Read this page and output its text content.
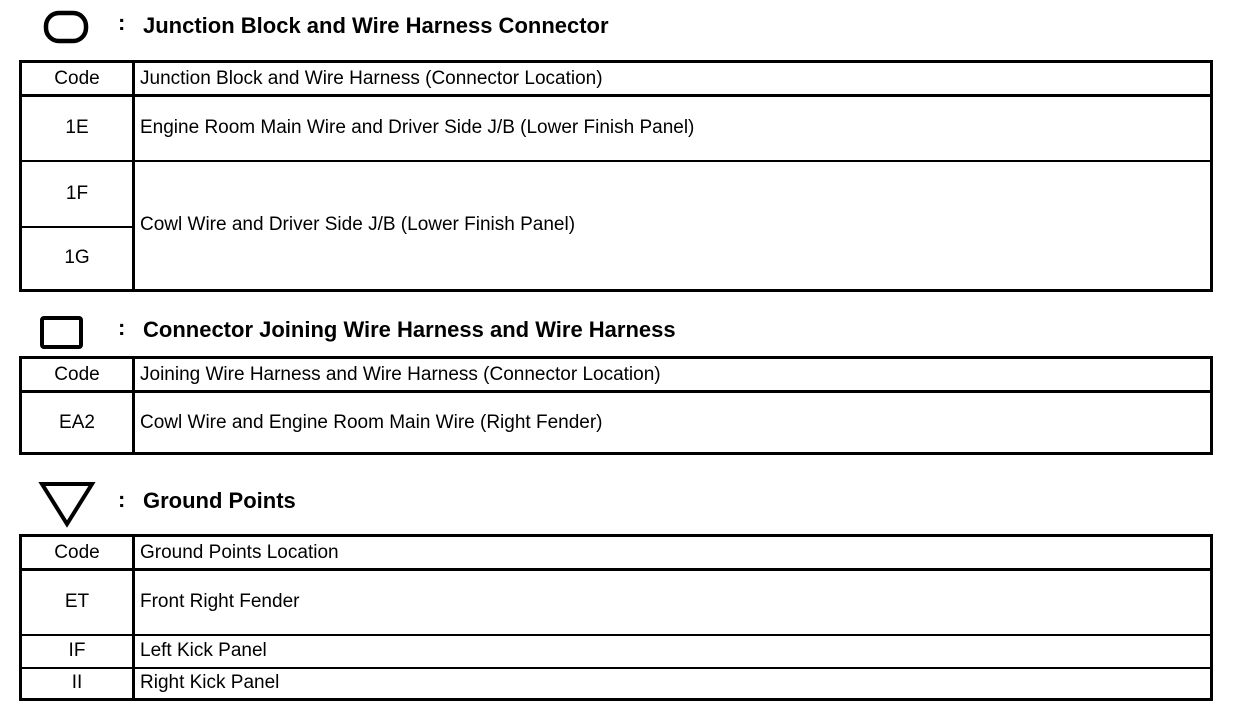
: Junction Block and Wire Harness Connector
Code	Junction Block and Wire Harness (Connector Location)
1E	Engine Room Main Wire and Driver Side J/B (Lower Finish Panel)
1F	Cowl Wire and Driver Side J/B (Lower Finish Panel)
1G	
: Connector Joining Wire Harness and Wire Harness
Code	Joining Wire Harness and Wire Harness (Connector Location)
EA2	Cowl Wire and Engine Room Main Wire (Right Fender)
: Ground Points
Code	Ground Points Location
ET	Front Right Fender
IF	Left Kick Panel
II	Right Kick Panel
